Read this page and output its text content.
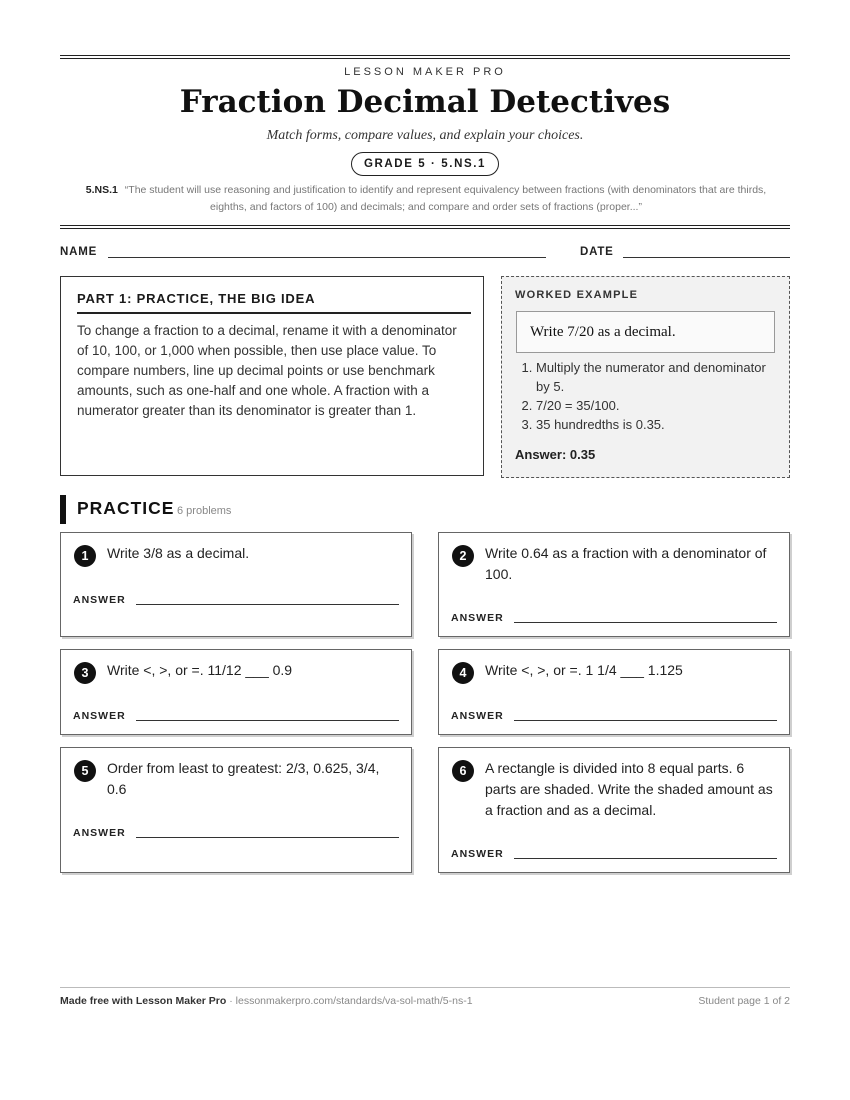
LESSON MAKER PRO
Fraction Decimal Detectives
Match forms, compare values, and explain your choices.
GRADE 5 · 5.NS.1
5.NS.1 “The student will use reasoning and justification to identify and represent equivalency between fractions (with denominators that are thirds, eighths, and factors of 100) and decimals; and compare and order sets of fractions (proper...”
NAME	DATE
PART 1: PRACTICE, THE BIG IDEA

To change a fraction to a decimal, rename it with a denominator of 10, 100, or 1,000 when possible, then use place value. To compare numbers, line up decimal points or use benchmark amounts, such as one-half and one whole. A fraction with a numerator greater than its denominator is greater than 1.

WORKED EXAMPLE
Write 7/20 as a decimal.
1. Multiply the numerator and denominator by 5.
2. 7/20 = 35/100.
3. 35 hundredths is 0.35.
Answer: 0.35
PRACTICE 6 problems
1	Write 3/8 as a decimal.
ANSWER
2	Write 0.64 as a fraction with a denominator of 100.
ANSWER
3	Write <, >, or =. 11/12 ___ 0.9
ANSWER
4	Write <, >, or =. 1 1/4 ___ 1.125
ANSWER
5	Order from least to greatest: 2/3, 0.625, 3/4, 0.6
ANSWER
6	A rectangle is divided into 8 equal parts. 6 parts are shaded. Write the shaded amount as a fraction and as a decimal.
ANSWER
Made free with Lesson Maker Pro · lessonmakerpro.com/standards/va-sol-math/5-ns-1	Student page 1 of 2
